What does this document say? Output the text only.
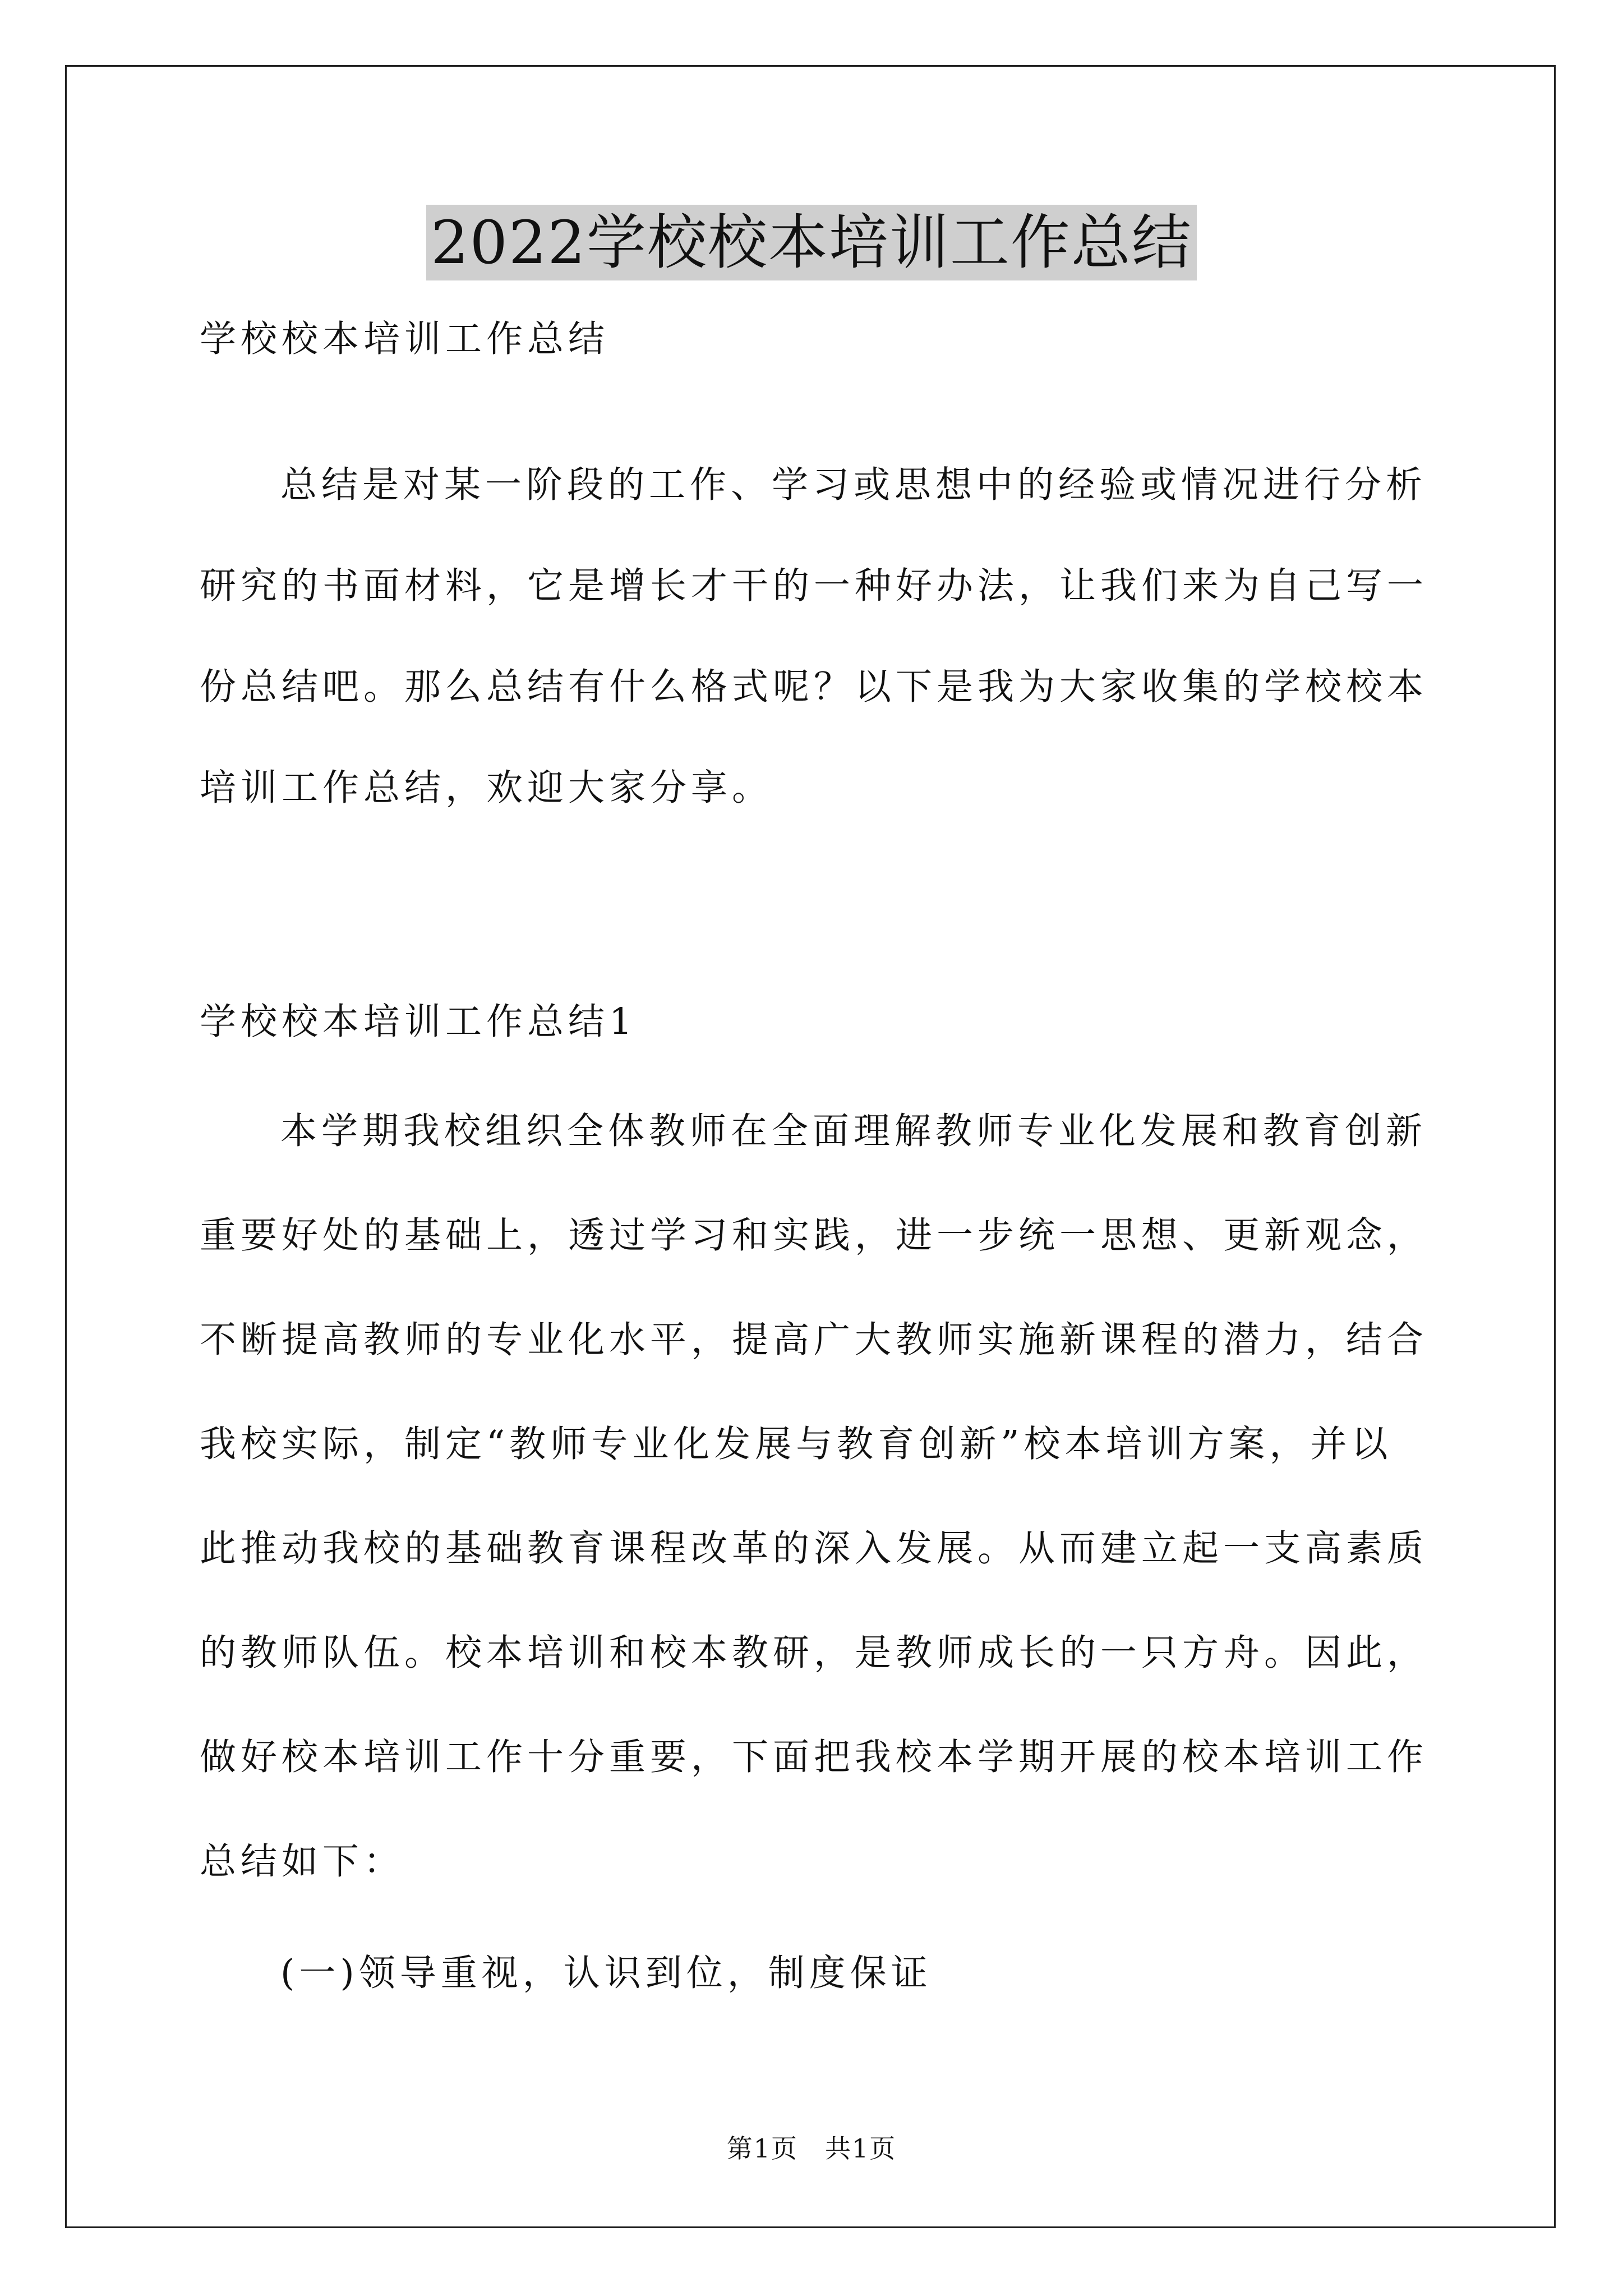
2022学校校本培训工作总结
学校校本培训工作总结
总结是对某一阶段的工作、学习或思想中的经验或情况进行分析
研究的书面材料，它是增长才干的一种好办法，让我们来为自己写一
份总结吧。那么总结有什么格式呢？以下是我为大家收集的学校校本
培训工作总结，欢迎大家分享。
学校校本培训工作总结1
本学期我校组织全体教师在全面理解教师专业化发展和教育创新
重要好处的基础上，透过学习和实践，进一步统一思想、更新观念，
不断提高教师的专业化水平，提高广大教师实施新课程的潜力，结合
我校实际，制定“教师专业化发展与教育创新”校本培训方案，并以
此推动我校的基础教育课程改革的深入发展。从而建立起一支高素质
的教师队伍。校本培训和校本教研，是教师成长的一只方舟。因此，
做好校本培训工作十分重要，下面把我校本学期开展的校本培训工作
总结如下：
(一)领导重视，认识到位，制度保证
第1页　共1页
